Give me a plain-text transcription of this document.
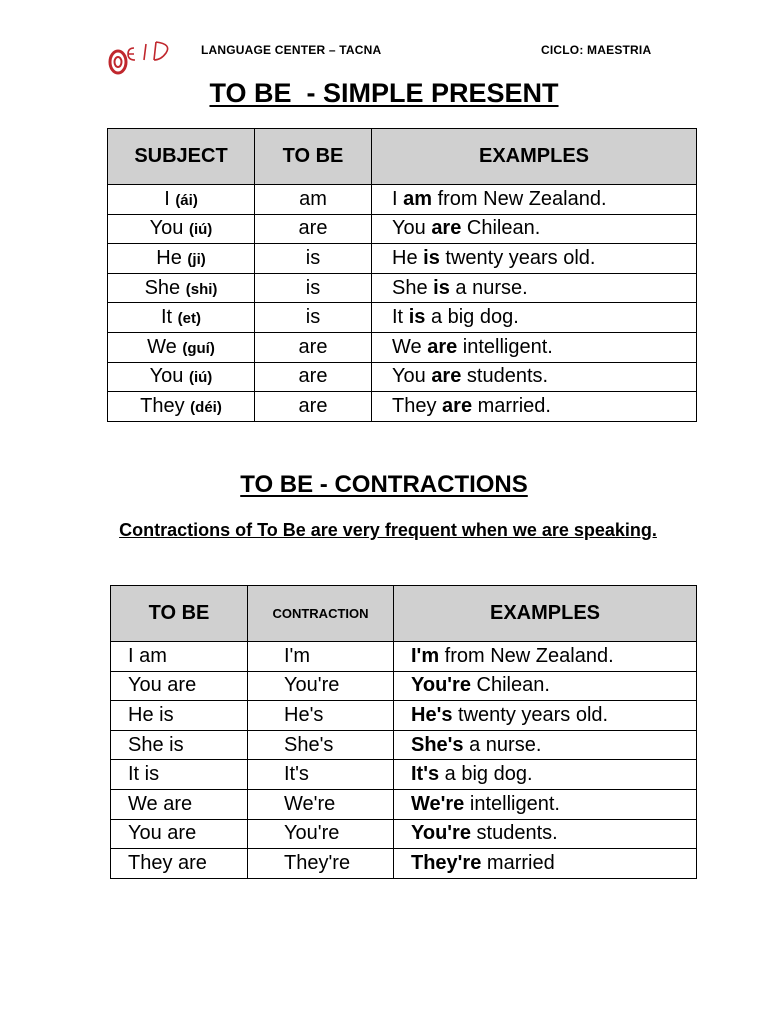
LANGUAGE CENTER – TACNA	CICLO: MAESTRIA
TO BE  - SIMPLE PRESENT
SUBJECT	TO BE	EXAMPLES
I (ái)	am	I am from New Zealand.
You (iú)	are	You are Chilean.
He (ji)	is	He is twenty years old.
She (shi)	is	She is a nurse.
It (et)	is	It is a big dog.
We (guí)	are	We are intelligent.
You (iú)	are	You are students.
They (déi)	are	They are married.
TO BE - CONTRACTIONS
Contractions of To Be are very frequent when we are speaking.
TO BE	CONTRACTION	EXAMPLES
I am	I'm	I'm from New Zealand.
You are	You're	You're Chilean.
He is	He's	He's twenty years old.
She is	She's	She's a nurse.
It is	It's	It's a big dog.
We are	We're	We're intelligent.
You are	You're	You're students.
They are	They're	They're married
